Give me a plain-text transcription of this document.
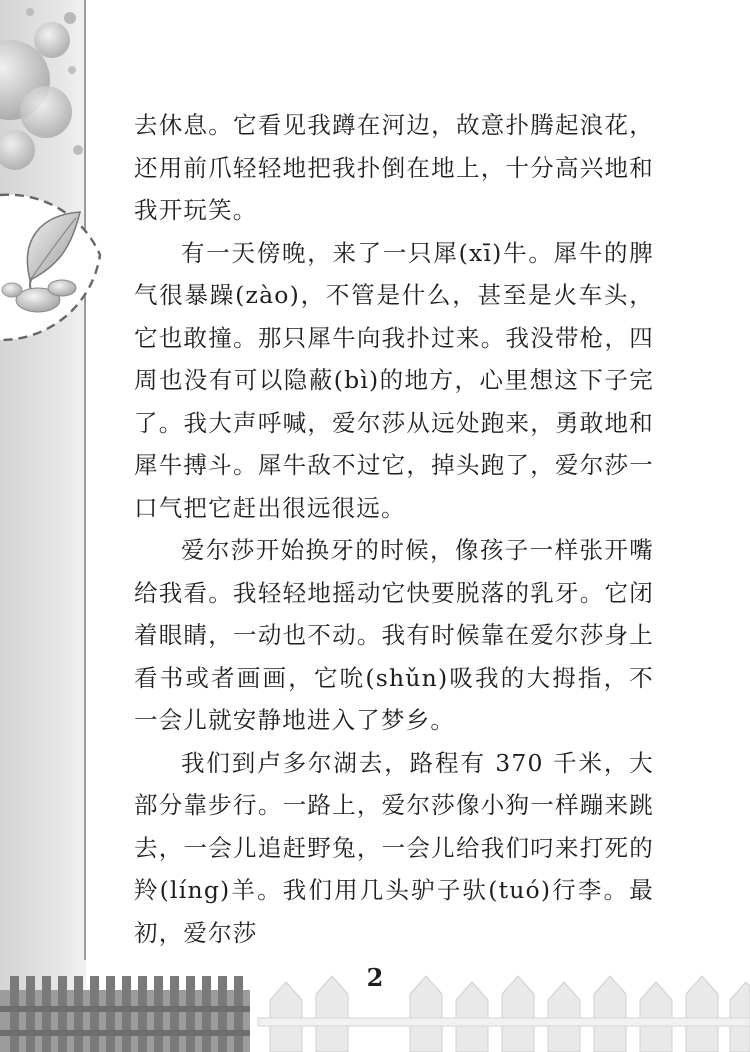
去休息。它看见我蹲在河边，故意扑腾起浪花，还用前爪轻轻地把我扑倒在地上，十分高兴地和我开玩笑。

有一天傍晚，来了一只犀(xī)牛。犀牛的脾气很暴躁(zào)，不管是什么，甚至是火车头，它也敢撞。那只犀牛向我扑过来。我没带枪，四周也没有可以隐蔽(bì)的地方，心里想这下子完了。我大声呼喊，爱尔莎从远处跑来，勇敢地和犀牛搏斗。犀牛敌不过它，掉头跑了，爱尔莎一口气把它赶出很远很远。

爱尔莎开始换牙的时候，像孩子一样张开嘴给我看。我轻轻地摇动它快要脱落的乳牙。它闭着眼睛，一动也不动。我有时候靠在爱尔莎身上看书或者画画，它吮(shǔn)吸我的大拇指，不一会儿就安静地进入了梦乡。

我们到卢多尔湖去，路程有 370 千米，大部分靠步行。一路上，爱尔莎像小狗一样蹦来跳去，一会儿追赶野兔，一会儿给我们叼来打死的羚(líng)羊。我们用几头驴子驮(tuó)行李。最初，爱尔莎

2
